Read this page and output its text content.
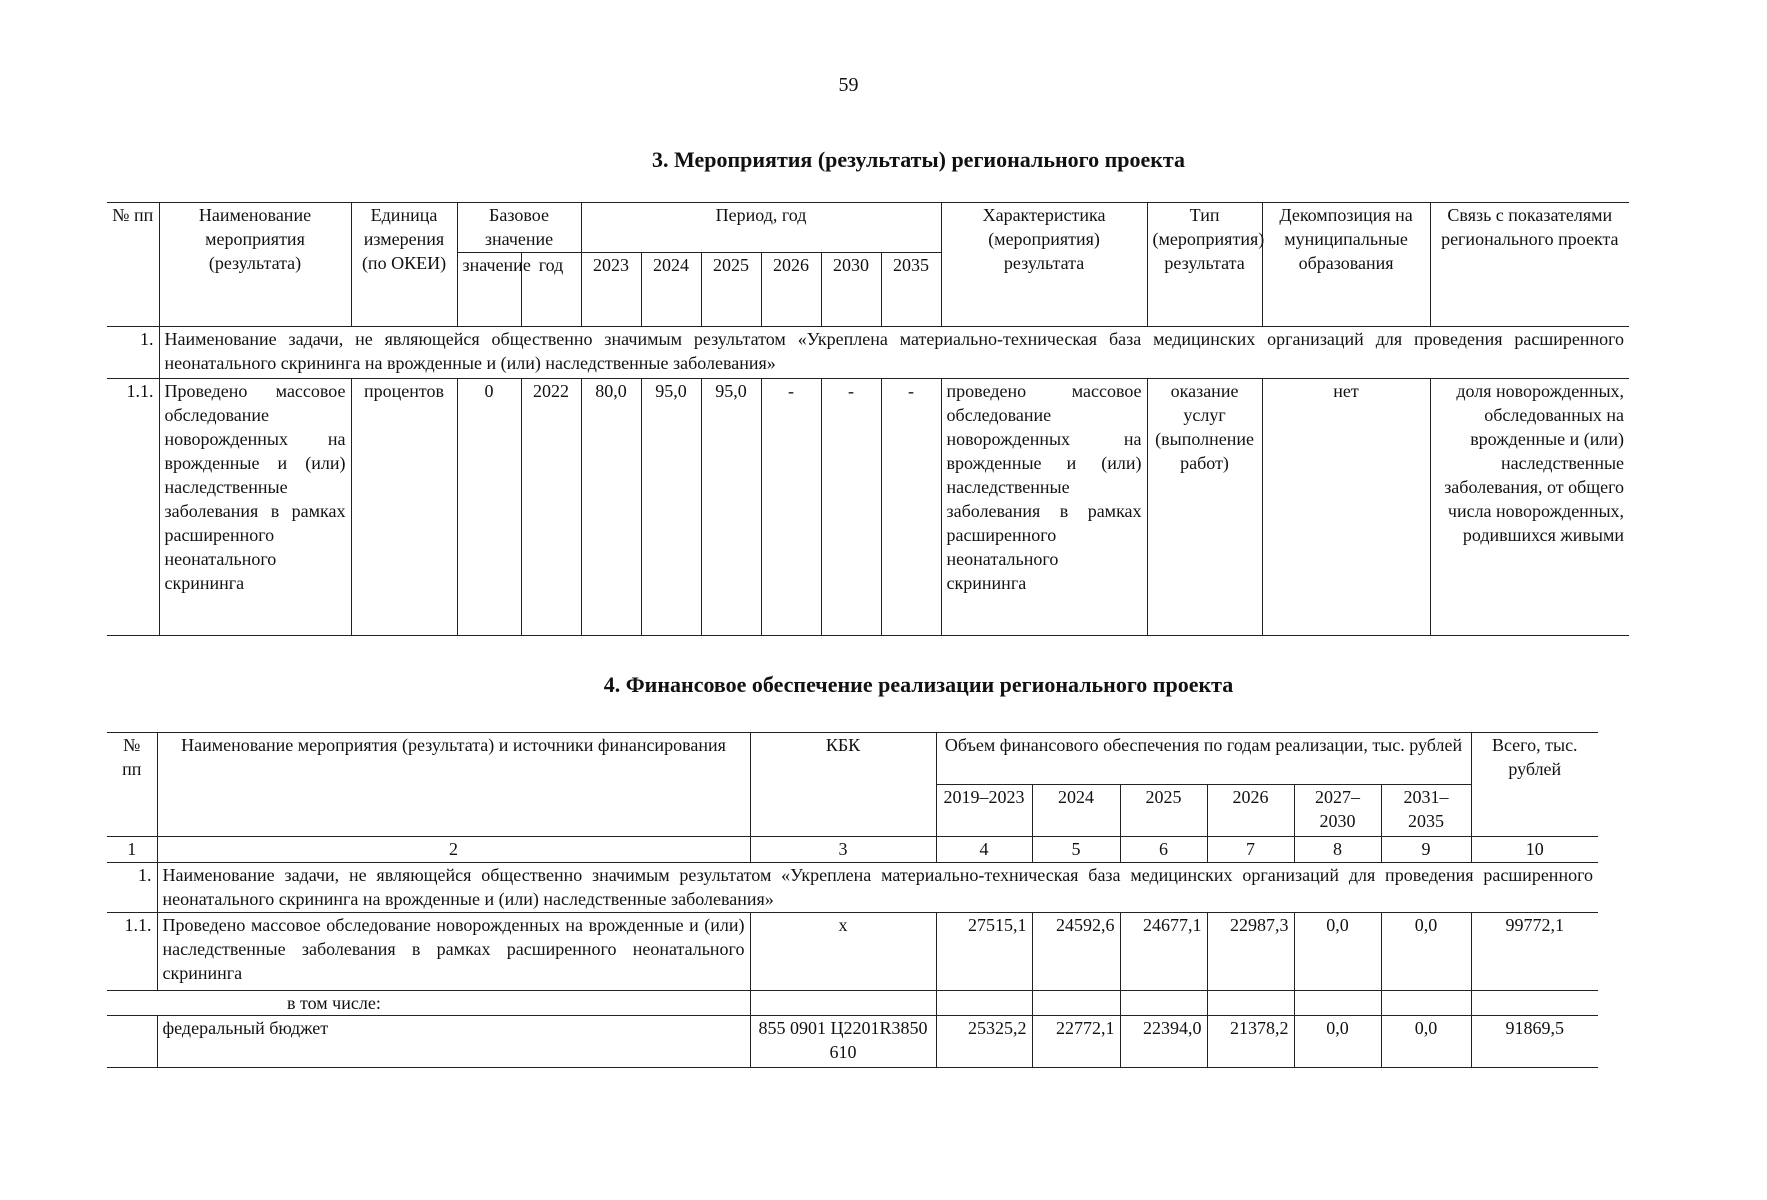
59
3. Мероприятия (результаты) регионального проекта
№ пп	Наименование мероприятия (результата)	Единица измерения (по ОКЕИ)	Базовое значение		Период, год						Характеристика (мероприятия) результата	Тип (мероприятия) результата	Декомпозиция на муниципальные образования	Связь с показателями регионального проекта
			значение	год	2023	2024	2025	2026	2030	2035				
1.	Наименование задачи, не являющейся общественно значимым результатом «Укреплена материально-техническая база медицинских организаций для проведения расширенного неонатального скрининга на врожденные и (или) наследственные заболевания»													
1.1.	Проведено массовое обследование новорожденных на врожденные и (или) наследственные заболевания в рамках расширенного неонатального скрининга	процентов	0	2022	80,0	95,0	95,0	-	-	-	проведено массовое обследование новорожденных на врожденные и (или) наследственные заболевания в рамках расширенного неонатального скрининга	оказание услуг (выполнение работ)	нет	доля новорожденных, обследованных на врожденные и (или) наследственные заболевания, от общего числа новорожденных, родившихся живыми
4. Финансовое обеспечение реализации регионального проекта
№ пп	Наименование мероприятия (результата) и источники финансирования	КБК	Объем финансового обеспечения по годам реализации, тыс. рублей						Всего, тыс. рублей
			2019–2023	2024	2025	2026	2027–2030	2031–2035	
1	2	3	4	5	6	7	8	9	10
1.	Наименование задачи, не являющейся общественно значимым результатом «Укреплена материально-техническая база медицинских организаций для проведения расширенного неонатального скрининга на врожденные и (или) наследственные заболевания»								
1.1.	Проведено массовое обследование новорожденных на врожденные и (или) наследственные заболевания в рамках расширенного неонатального скрининга	х	27515,1	24592,6	24677,1	22987,3	0,0	0,0	99772,1
в том числе:									
	федеральный бюджет	855 0901 Ц2201R3850 610	25325,2	22772,1	22394,0	21378,2	0,0	0,0	91869,5
